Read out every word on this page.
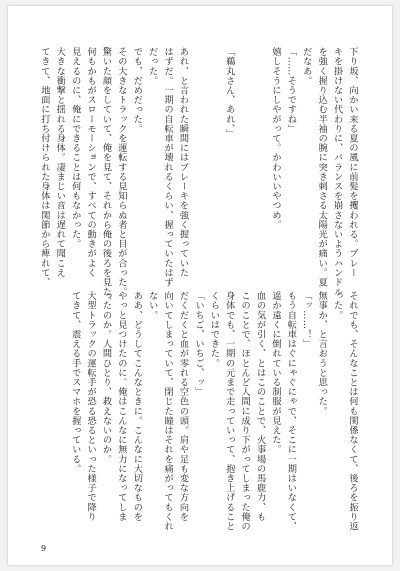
下り坂、向かい来る夏の風に前髪を攫われる。ブレー
キを掛けない代わりに、バランスを崩さないようハンドル
を強く握り込む半袖の腕に突き刺さる太陽光が痛い。夏
だなあ。
「……そうですね」
嬉しそうにしやがって。かわいいやつめ。

「鵜丸さん、あれ、」

あれ、と言われた瞬間にはブレーキを強く握っていた
はずだ。一期の自転車が壊れるくらい、握っていたはず
だった。
でも、だめだった。
その大きなトラックを運転する見知らぬ者と目が合った。
驚いた顔をしていて、俺を見て、それから俺の後ろを見た。
何もかもがスローモーションで、すべての動きがよく
見えるのに、俺にできることは何もなかった。
大きな衝撃と揺れる身体。凄まじい音は遅れて聞こえ
てきて、地面に打ち付けられた身体は関節から痺れて、
それでも、そんなことは何も関係なくて、後ろを振り返
った。
無事か、と言おうと思った。
「ッ……！」
もう自転車はぐにゃぐにゃで、そこに一期はいなくて、
遥か遠くに倒れている制服が見えた。
血の気が引く、とはこのことで、火事場の馬鹿力、も
このことで、ほとんど人間に成り下がってしまった俺の
身体でも、一期の元まで走っていって、抱き上げること
くらいはできた。
「いちご、いちご、ッ」
だくだくと血が零れる空色の頭。肩や足も変な方向を
向いてしまっていて、閉じた瞳はそれを痛がってもくれ
ない。
ああ、どうしてこんなときに。こんなに大切なものを
やっと見つけたのに。俺はこんなに無力になってしま
ったのか。人間ひとり、救えないのか。
大型トラックの運転手が恐る恐るといった様子で降り
てきて、震える手でスマホを握っている。
9
